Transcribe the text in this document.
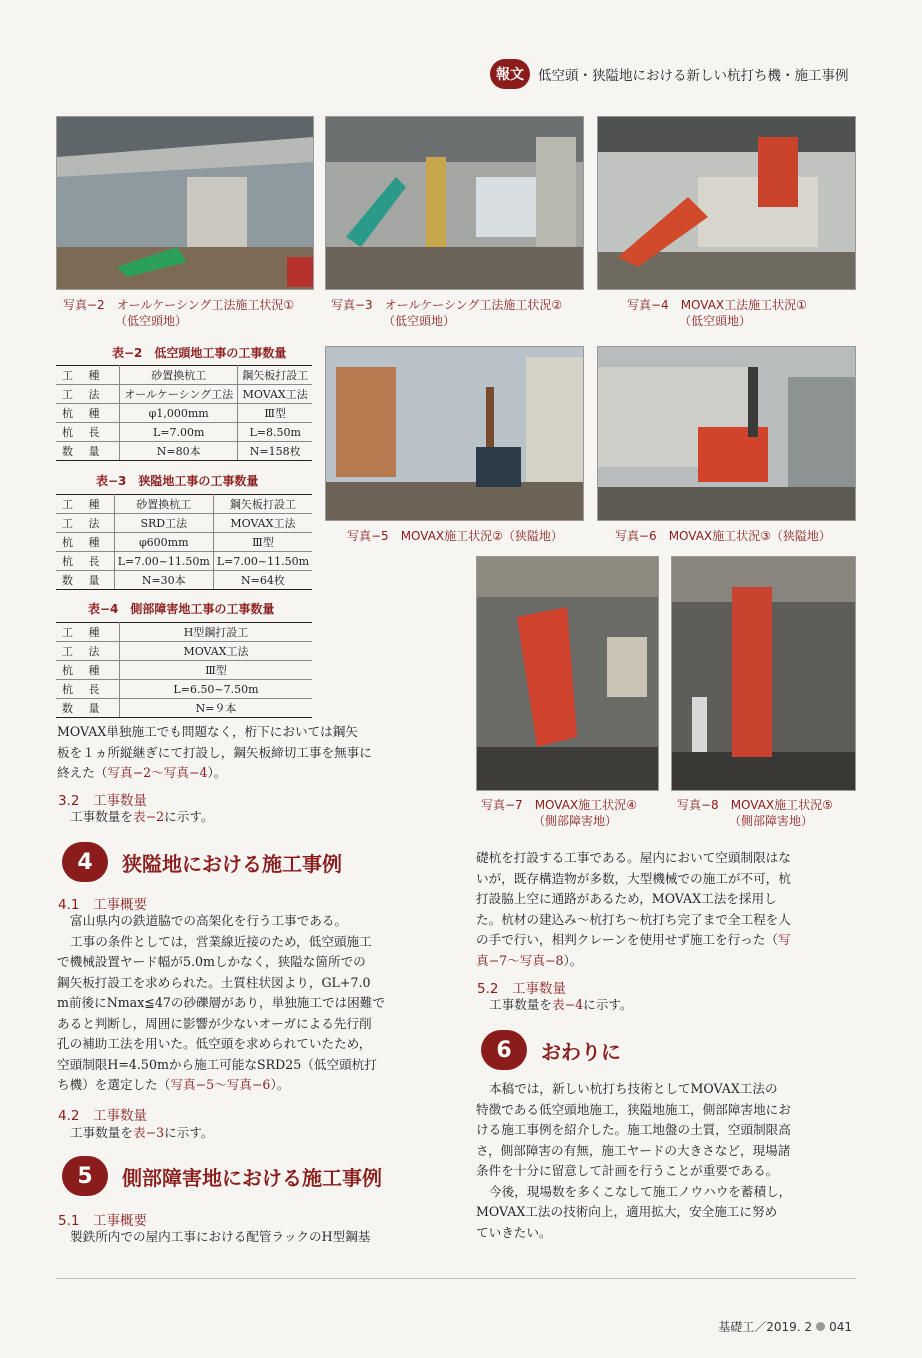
報文	低空頭・狭隘地における新しい杭打ち機・施工事例
写真−2　オールケーシング工法施工状況①
（低空頭地）
写真−3　オールケーシング工法施工状況②
（低空頭地）
写真−4　MOVAX工法施工状況①
（低空頭地）
写真−5　MOVAX施工状況②（狭隘地）	写真−6　MOVAX施工状況③（狭隘地）
写真−7　MOVAX施工状況④
（側部障害地）
写真−8　MOVAX施工状況⑤
（側部障害地）
表−2　低空頭地工事の工事数量
工 種	砂置換杭工	鋼矢板打設工
工 法	オールケーシング工法	MOVAX工法
杭 種	φ1,000mm	Ⅲ型
杭 長	L=7.00m	L=8.50m
数 量	N=80本	N=158枚
表−3　狭隘地工事の工事数量
工 種	砂置換杭工	鋼矢板打設工
工 法	SRD工法	MOVAX工法
杭 種	φ600mm	Ⅲ型
杭 長	L=7.00~11.50m	L=7.00~11.50m
数 量	N=30本	N=64枚
表−4　側部障害地工事の工事数量
工 種	H型鋼打設工
工 法	MOVAX工法
杭 種	Ⅲ型
杭 長	L=6.50~7.50m
数 量	N=９本
MOVAX単独施工でも問題なく，桁下においては鋼矢
板を１ヵ所縦継ぎにて打設し，鋼矢板締切工事を無事に
終えた（写真−2～写真−4）。
3.2　工事数量
工事数量を表−2に示す。
4	狭隘地における施工事例
4.1　工事概要
富山県内の鉄道脇での高架化を行う工事である。
工事の条件としては，営業線近接のため，低空頭施工
で機械設置ヤード幅が5.0mしかなく，狭隘な箇所での
鋼矢板打設工を求められた。土質柱状図より，GL+7.0
m前後にNmax≦47の砂礫層があり，単独施工では困難で
あると判断し，周囲に影響が少ないオーガによる先行削
孔の補助工法を用いた。低空頭を求められていたため，
空頭制限H=4.50mから施工可能なSRD25（低空頭杭打
ち機）を選定した（写真−5～写真−6）。
4.2　工事数量
工事数量を表−3に示す。
5	側部障害地における施工事例
5.1　工事概要
製鉄所内での屋内工事における配管ラックのH型鋼基
礎杭を打設する工事である。屋内において空頭制限はな
いが，既存構造物が多数，大型機械での施工が不可，杭
打設脇上空に通路があるため，MOVAX工法を採用し
た。杭材の建込み～杭打ち～杭打ち完了まで全工程を人
の手で行い，相判クレーンを使用せず施工を行った（写
真−7～写真−8）。
5.2　工事数量
工事数量を表−4に示す。
6	おわりに
本稿では，新しい杭打ち技術としてMOVAX工法の
特徴である低空頭地施工，狭隘地施工，側部障害地にお
ける施工事例を紹介した。施工地盤の土質，空頭制限高
さ，側部障害の有無，施工ヤードの大きさなど，現場諸
条件を十分に留意して計画を行うことが重要である。
今後，現場数を多くこなして施工ノウハウを蓄積し，
MOVAX工法の技術向上，適用拡大，安全施工に努め
ていきたい。
基礎工／2019. 2 041
